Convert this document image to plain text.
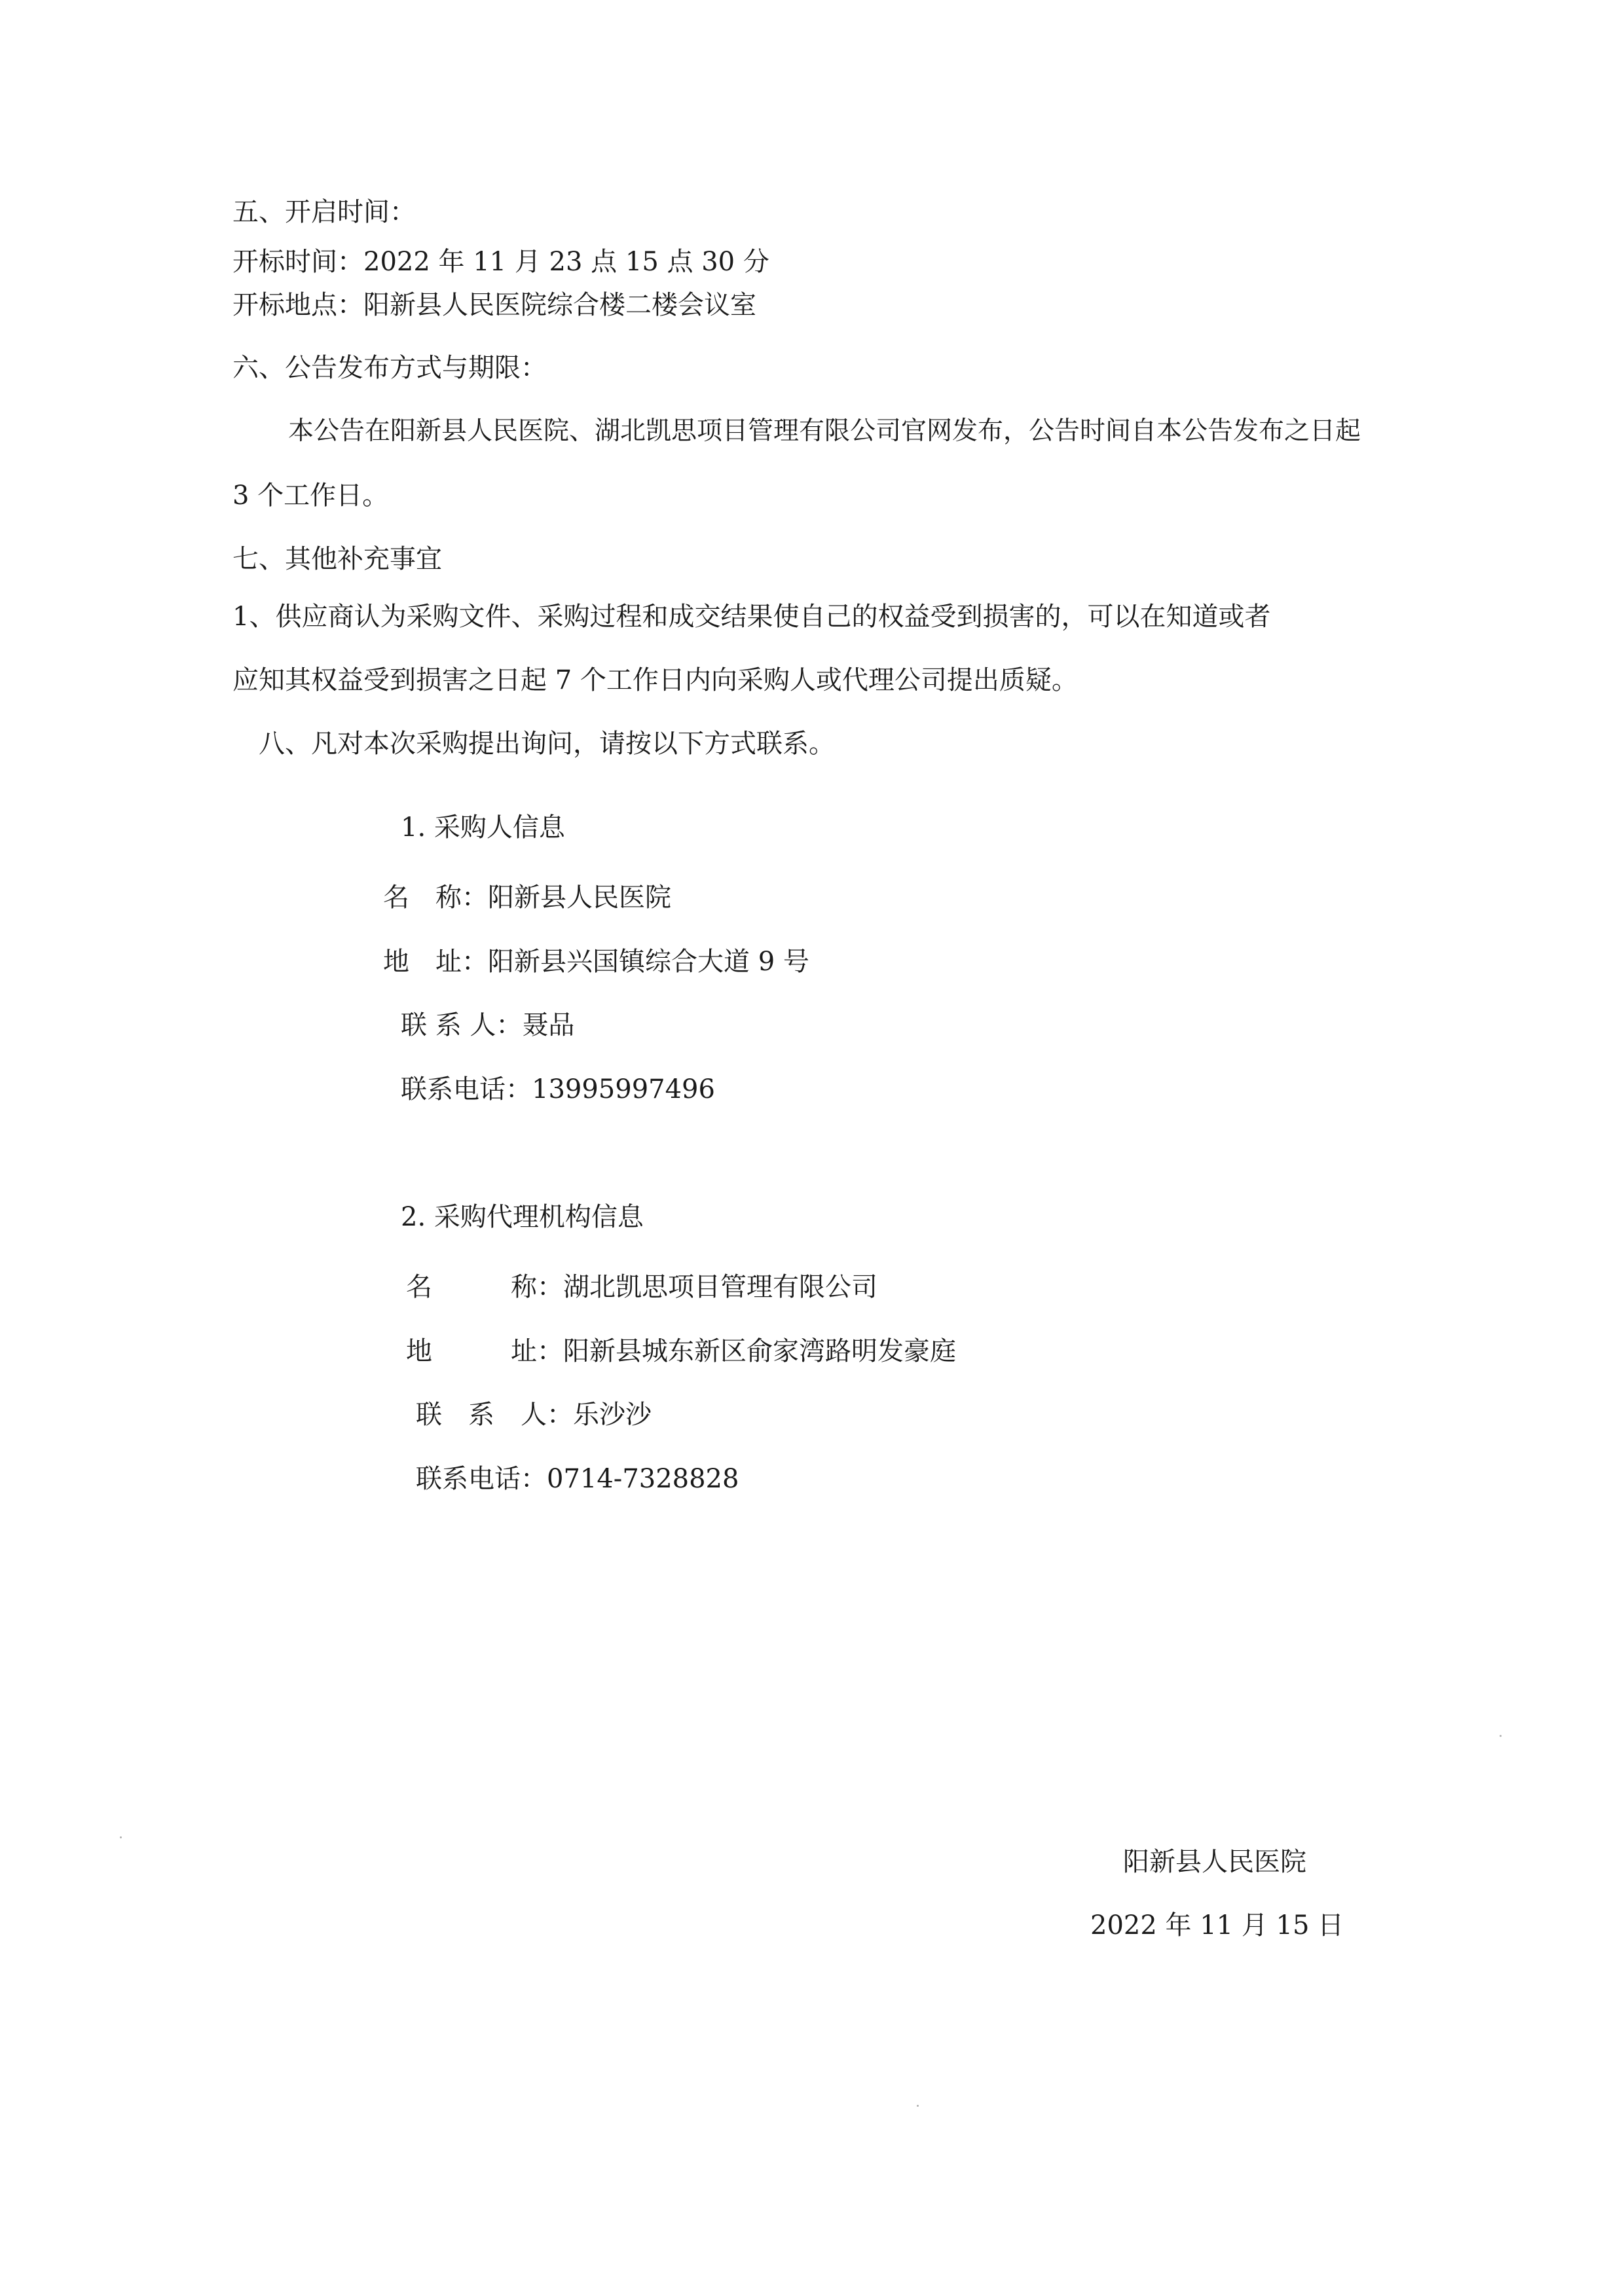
五、开启时间：
开标时间：2022 年 11 月 23 点 15 点 30 分
开标地点：阳新县人民医院综合楼二楼会议室
六、公告发布方式与期限：
本公告在阳新县人民医院、湖北凯思项目管理有限公司官网发布，公告时间自本公告发布之日起
3 个工作日。
七、其他补充事宜
1、供应商认为采购文件、采购过程和成交结果使自己的权益受到损害的，可以在知道或者
应知其权益受到损害之日起 7 个工作日内向采购人或代理公司提出质疑。
八、凡对本次采购提出询问，请按以下方式联系。
1. 采购人信息
名　称：阳新县人民医院
地　址：阳新县兴国镇综合大道 9 号
联 系 人：聂品
联系电话：13995997496
2. 采购代理机构信息
名　　　称：湖北凯思项目管理有限公司
地　　　址：阳新县城东新区俞家湾路明发豪庭
联　系　人：乐沙沙
联系电话：0714-7328828
阳新县人民医院
2022 年 11 月 15 日
